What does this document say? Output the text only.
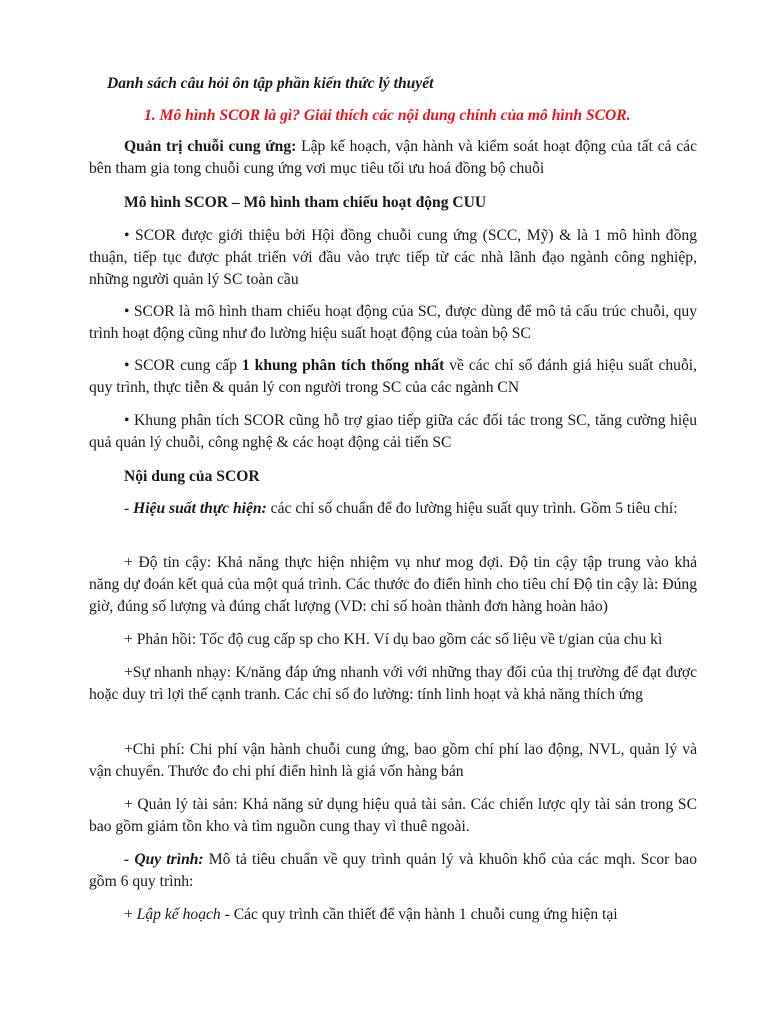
Danh sách câu hỏi ôn tập phần kiến thức lý thuyết

1. Mô hình SCOR là gì? Giải thích các nội dung chính của mô hình SCOR.

Quản trị chuỗi cung ứng: Lập kế hoạch, vận hành và kiểm soát hoạt động của tất cả các bên tham gia tong chuỗi cung ứng vơi mục tiêu tối ưu hoá đồng bộ chuỗi

Mô hình SCOR – Mô hình tham chiếu hoạt động CUU

• SCOR được giới thiệu bởi Hội đồng chuỗi cung ứng (SCC, Mỹ) & là 1 mô hình đồng thuận, tiếp tục được phát triển với đầu vào trực tiếp từ các nhà lãnh đạo ngành công nghiệp, những người quản lý SC toàn cầu

• SCOR là mô hình tham chiếu hoạt động của SC, được dùng để mô tả cấu trúc chuỗi, quy trình hoạt động cũng như đo lường hiệu suất hoạt động của toàn bộ SC

• SCOR cung cấp 1 khung phân tích thống nhất về các chỉ số đánh giá hiệu suất chuỗi, quy trình, thực tiễn & quản lý con người trong SC của các ngành CN

• Khung phân tích SCOR cũng hỗ trợ giao tiếp giữa các đối tác trong SC, tăng cường hiệu quả quản lý chuỗi, công nghệ & các hoạt động cải tiến SC

Nội dung của SCOR

- Hiệu suất thực hiện: các chỉ số chuẩn để đo lường hiệu suất quy trình. Gồm 5 tiêu chí:

+ Độ tin cậy: Khả năng thực hiện nhiệm vụ như mog đợi. Độ tin cậy tập trung vào khả năng dự đoán kết quả của một quá trình. Các thước đo điển hình cho tiêu chí Độ tin cậy là: Đúng giờ, đúng số lượng và đúng chất lượng (VD: chỉ số hoàn thành đơn hàng hoàn hảo)

+ Phản hồi: Tốc độ cug cấp sp cho KH. Ví dụ bao gồm các số liệu về t/gian của chu kì

+Sự nhanh nhạy: K/năng đáp ứng nhanh với với những thay đổi của thị trường để đạt được hoặc duy trì lợi thế cạnh tranh. Các chỉ số đo lường: tính linh hoạt và khả năng thích ứng

+Chi phí: Chi phí vận hành chuỗi cung ứng, bao gồm chí phí lao động, NVL, quản lý và vận chuyển. Thước đo chi phí điển hình là giá vốn hàng bán

+ Quản lý tài sản: Khả năng sử dụng hiệu quả tài sản. Các chiến lược qly tài sản trong SC bao gồm giảm tồn kho và tìm nguồn cung thay vì thuê ngoài.

- Quy trình: Mô tả tiêu chuẩn về quy trình quản lý và khuôn khổ của các mqh. Scor bao gồm 6 quy trình:

+ Lập kế hoạch - Các quy trình cần thiết để vận hành 1 chuỗi cung ứng hiện tại
